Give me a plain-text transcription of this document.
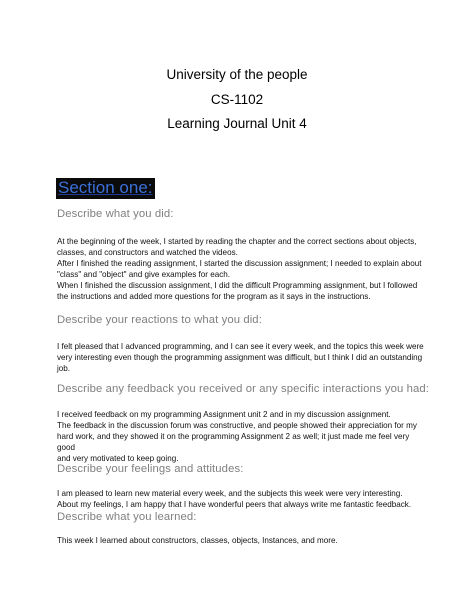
University of the people
CS-1102
Learning Journal Unit 4
Section one:
Describe what you did:

At the beginning of the week, I started by reading the chapter and the correct sections about objects,

classes, and constructors and watched the videos.

After I finished the reading assignment, I started the discussion assignment; I needed to explain about

"class" and "object" and give examples for each.

When I finished the discussion assignment, I did the difficult Programming assignment, but I followed

the instructions and added more questions for the program as it says in the instructions.

Describe your reactions to what you did:

I felt pleased that I advanced programming, and I can see it every week, and the topics this week were

very interesting even though the programming assignment was difficult, but I think I did an outstanding

job.

Describe any feedback you received or any specific interactions you had:

I received feedback on my programming Assignment unit 2 and in my discussion assignment.

The feedback in the discussion forum was constructive, and people showed their appreciation for my

hard work, and they showed it on the programming Assignment 2 as well; it just made me feel very good

and very motivated to keep going.

Describe your feelings and attitudes:

I am pleased to learn new material every week, and the subjects this week were very interesting.

About my feelings, I am happy that I have wonderful peers that always write me fantastic feedback.

Describe what you learned:

This week I learned about constructors, classes, objects, Instances, and more.
